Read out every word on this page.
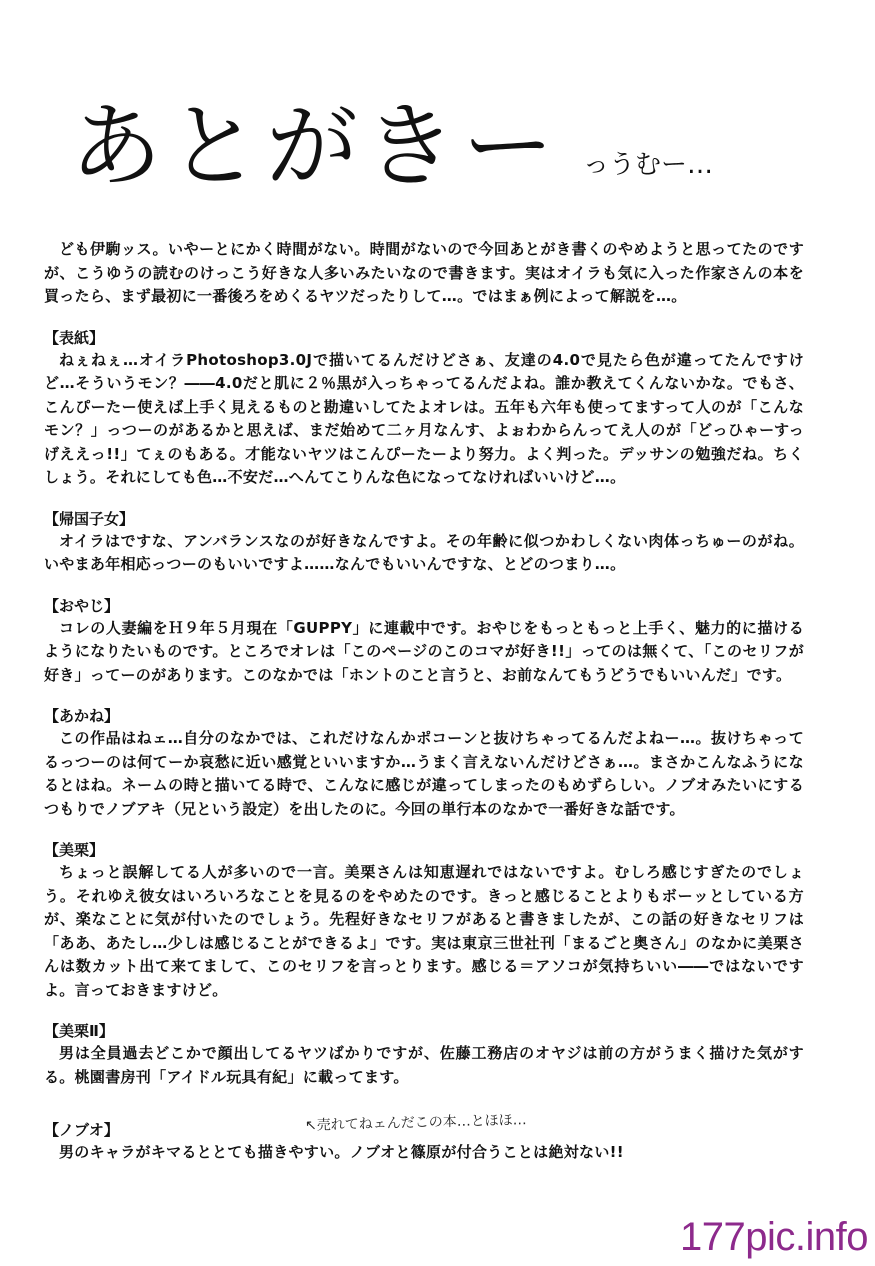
あとがきー っうむー…

ども伊駒ッス。いやーとにかく時間がない。時間がないので今回あとがき書くのやめようと思ってたのですが、こうゆうの読むのけっこう好きな人多いみたいなので書きます。実はオイラも気に入った作家さんの本を買ったら、まず最初に一番後ろをめくるヤツだったりして…。ではまぁ例によって解説を…。

【表紙】

ねぇねぇ…オイラPhotoshop3.0Jで描いてるんだけどさぁ、友達の4.0で見たら色が違ってたんですけど…そういうモン？――4.0だと肌に２％黒が入っちゃってるんだよね。誰か教えてくんないかな。でもさ、こんぴーたー使えば上手く見えるものと勘違いしてたよオレは。五年も六年も使ってますって人のが「こんなモン？」っつーのがあるかと思えば、まだ始めて二ヶ月なんす、よぉわからんってえ人のが「どっひゃーすっげええっ!!」てぇのもある。才能ないヤツはこんぴーたーより努力。よく判った。デッサンの勉強だね。ちくしょう。それにしても色…不安だ…へんてこりんな色になってなければいいけど…。

【帰国子女】

オイラはですな、アンバランスなのが好きなんですよ。その年齢に似つかわしくない肉体っちゅーのがね。いやまあ年相応っつーのもいいですよ……なんでもいいんですな、とどのつまり…。

【おやじ】

コレの人妻編をＨ９年５月現在「GUPPY」に連載中です。おやじをもっともっと上手く、魅力的に描けるようになりたいものです。ところでオレは「このページのこのコマが好き!!」ってのは無くて、「このセリフが好き」ってーのがあります。このなかでは「ホントのこと言うと、お前なんてもうどうでもいいんだ」です。

【あかね】

この作品はねェ…自分のなかでは、これだけなんかポコーンと抜けちゃってるんだよねー…。抜けちゃってるっつーのは何てーか哀愁に近い感覚といいますか…うまく言えないんだけどさぁ…。まさかこんなふうになるとはね。ネームの時と描いてる時で、こんなに感じが違ってしまったのもめずらしい。ノブオみたいにするつもりでノブアキ（兄という設定）を出したのに。今回の単行本のなかで一番好きな話です。

【美栗】

ちょっと誤解してる人が多いので一言。美栗さんは知恵遅れではないですよ。むしろ感じすぎたのでしょう。それゆえ彼女はいろいろなことを見るのをやめたのです。きっと感じることよりもボーッとしている方が、楽なことに気が付いたのでしょう。先程好きなセリフがあると書きましたが、この話の好きなセリフは「ああ、あたし…少しは感じることができるよ」です。実は東京三世社刊「まるごと奥さん」のなかに美栗さんは数カット出て来てまして、このセリフを言っとります。感じる＝アソコが気持ちいい――ではないですよ。言っておきますけど。

【美栗Ⅱ】

男は全員過去どこかで顔出してるヤツばかりですが、佐藤工務店のオヤジは前の方がうまく描けた気がする。桃園書房刊「アイドル玩具有紀」に載ってます。

【ノブオ】

男のキャラがキマるととても描きやすい。ノブオと篠原が付合うことは絶対ない!!

↖売れてねェんだこの本…とほほ…
177pic.info
